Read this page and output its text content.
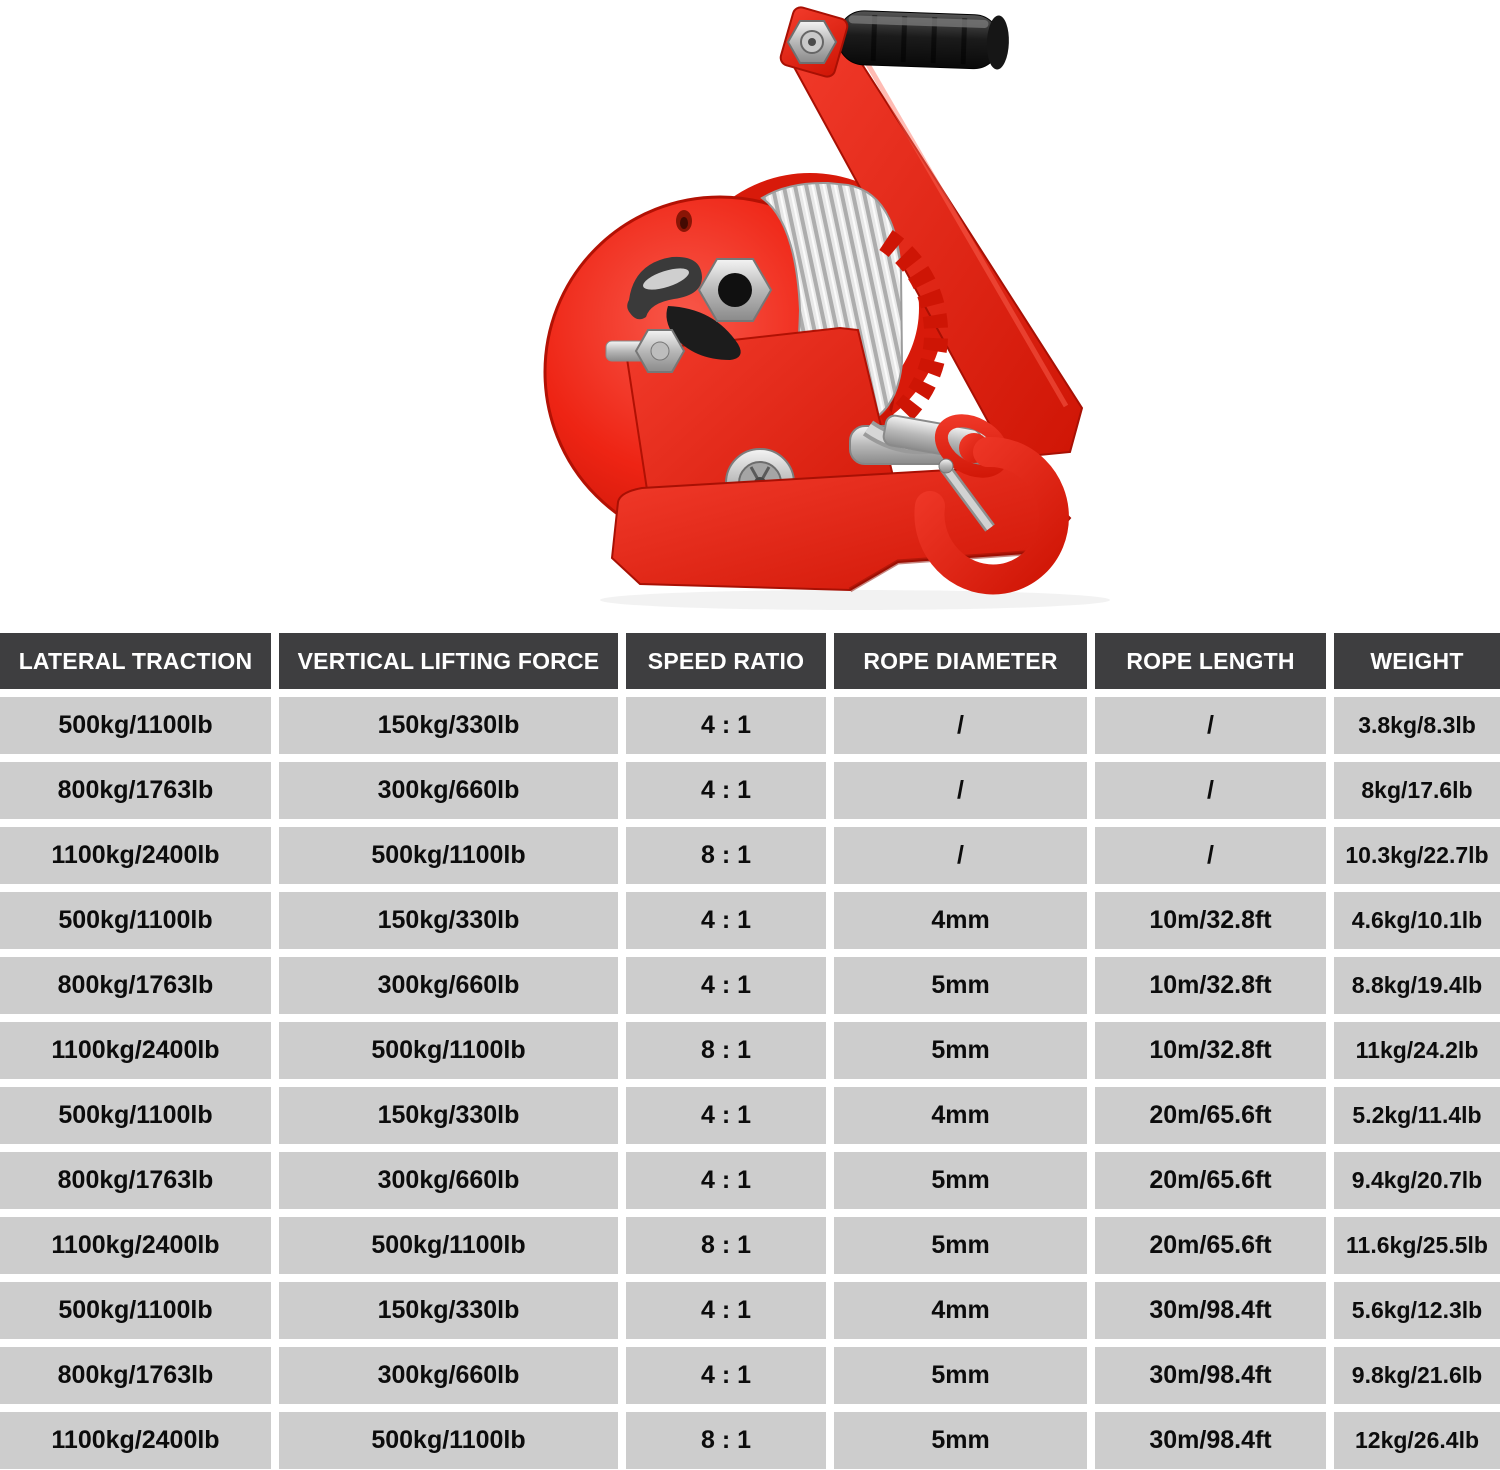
LATERAL TRACTION	VERTICAL LIFTING FORCE	SPEED RATIO	ROPE DIAMETER	ROPE LENGTH	WEIGHT
500kg/1100lb	150kg/330lb	4 : 1	/	/	3.8kg/8.3lb
800kg/1763lb	300kg/660lb	4 : 1	/	/	8kg/17.6lb
1100kg/2400lb	500kg/1100lb	8 : 1	/	/	10.3kg/22.7lb
500kg/1100lb	150kg/330lb	4 : 1	4mm	10m/32.8ft	4.6kg/10.1lb
800kg/1763lb	300kg/660lb	4 : 1	5mm	10m/32.8ft	8.8kg/19.4lb
1100kg/2400lb	500kg/1100lb	8 : 1	5mm	10m/32.8ft	11kg/24.2lb
500kg/1100lb	150kg/330lb	4 : 1	4mm	20m/65.6ft	5.2kg/11.4lb
800kg/1763lb	300kg/660lb	4 : 1	5mm	20m/65.6ft	9.4kg/20.7lb
1100kg/2400lb	500kg/1100lb	8 : 1	5mm	20m/65.6ft	11.6kg/25.5lb
500kg/1100lb	150kg/330lb	4 : 1	4mm	30m/98.4ft	5.6kg/12.3lb
800kg/1763lb	300kg/660lb	4 : 1	5mm	30m/98.4ft	9.8kg/21.6lb
1100kg/2400lb	500kg/1100lb	8 : 1	5mm	30m/98.4ft	12kg/26.4lb
